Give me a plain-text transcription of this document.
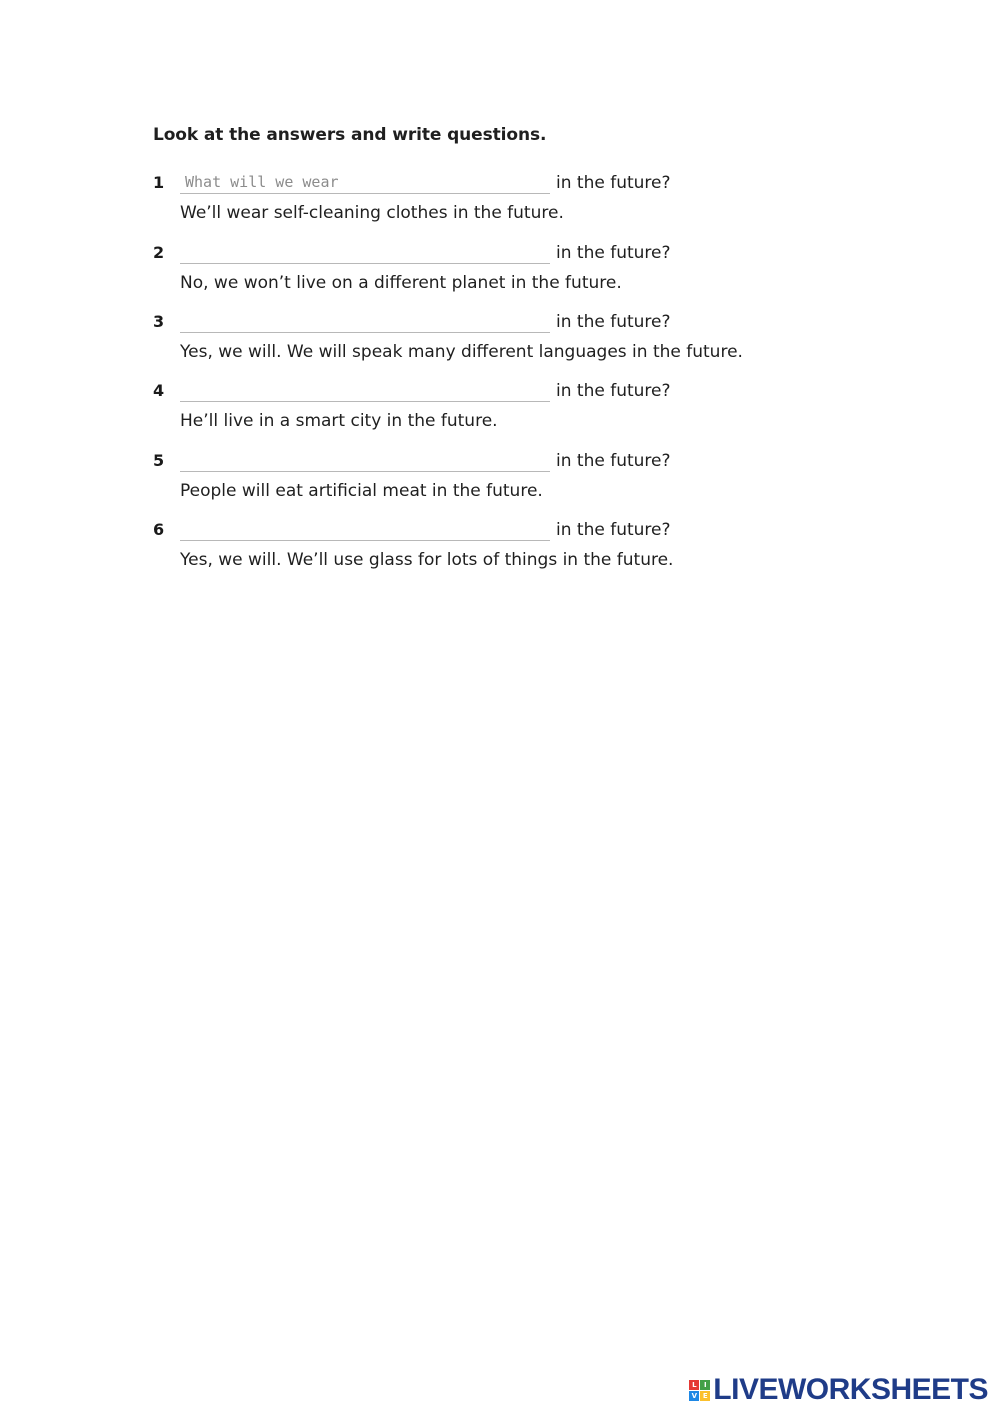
Look at the answers and write questions.
1
What will we wear	in the future?
We’ll wear self-cleaning clothes in the future.
2	in the future?
No, we won’t live on a different planet in the future.
3	in the future?
Yes, we will. We will speak many different languages in the future.
4	in the future?
He’ll live in a smart city in the future.
5	in the future?
People will eat artificial meat in the future.
6	in the future?
Yes, we will. We’ll use glass for lots of things in the future.
L	I
V E LIVEWORKSHEETS
